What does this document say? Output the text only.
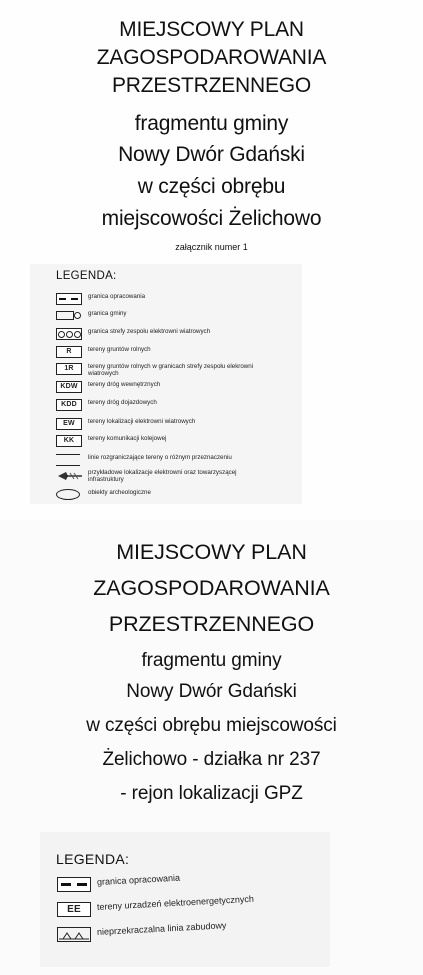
MIEJSCOWY PLAN
ZAGOSPODAROWANIA
PRZESTRZENNEGO
fragmentu gminy
Nowy Dwór Gdański
w części obrębu
miejscowości Żelichowo
załącznik numer 1
LEGENDA:
granica opracowania
granica gminy
granica strefy zespołu elektrowni wiatrowych
R	tereny gruntów rolnych
1R	tereny gruntów rolnych w granicach strefy zespołu elekrowni
wiatrowych
KDW	tereny dróg wewnętrznych
KDD	tereny dróg dojazdowych
EW	tereny lokalizacji elektrowni wiatrowych
KK	tereny komunikacji kolejowej
linie rozgraniczające tereny o różnym przeznaczeniu
przykładowe lokalizacje elektrowni oraz towarzyszącej
infrastruktury
obiekty archeologiczne
MIEJSCOWY PLAN
ZAGOSPODAROWANIA
PRZESTRZENNEGO
fragmentu gminy
Nowy Dwór Gdański
w części obrębu miejscowości
Żelichowo - działka nr 237
- rejon lokalizacji GPZ
LEGENDA:
granica opracowania
EE	tereny urzadzeń elektroenergetycznych
nieprzekraczalna linia zabudowy
